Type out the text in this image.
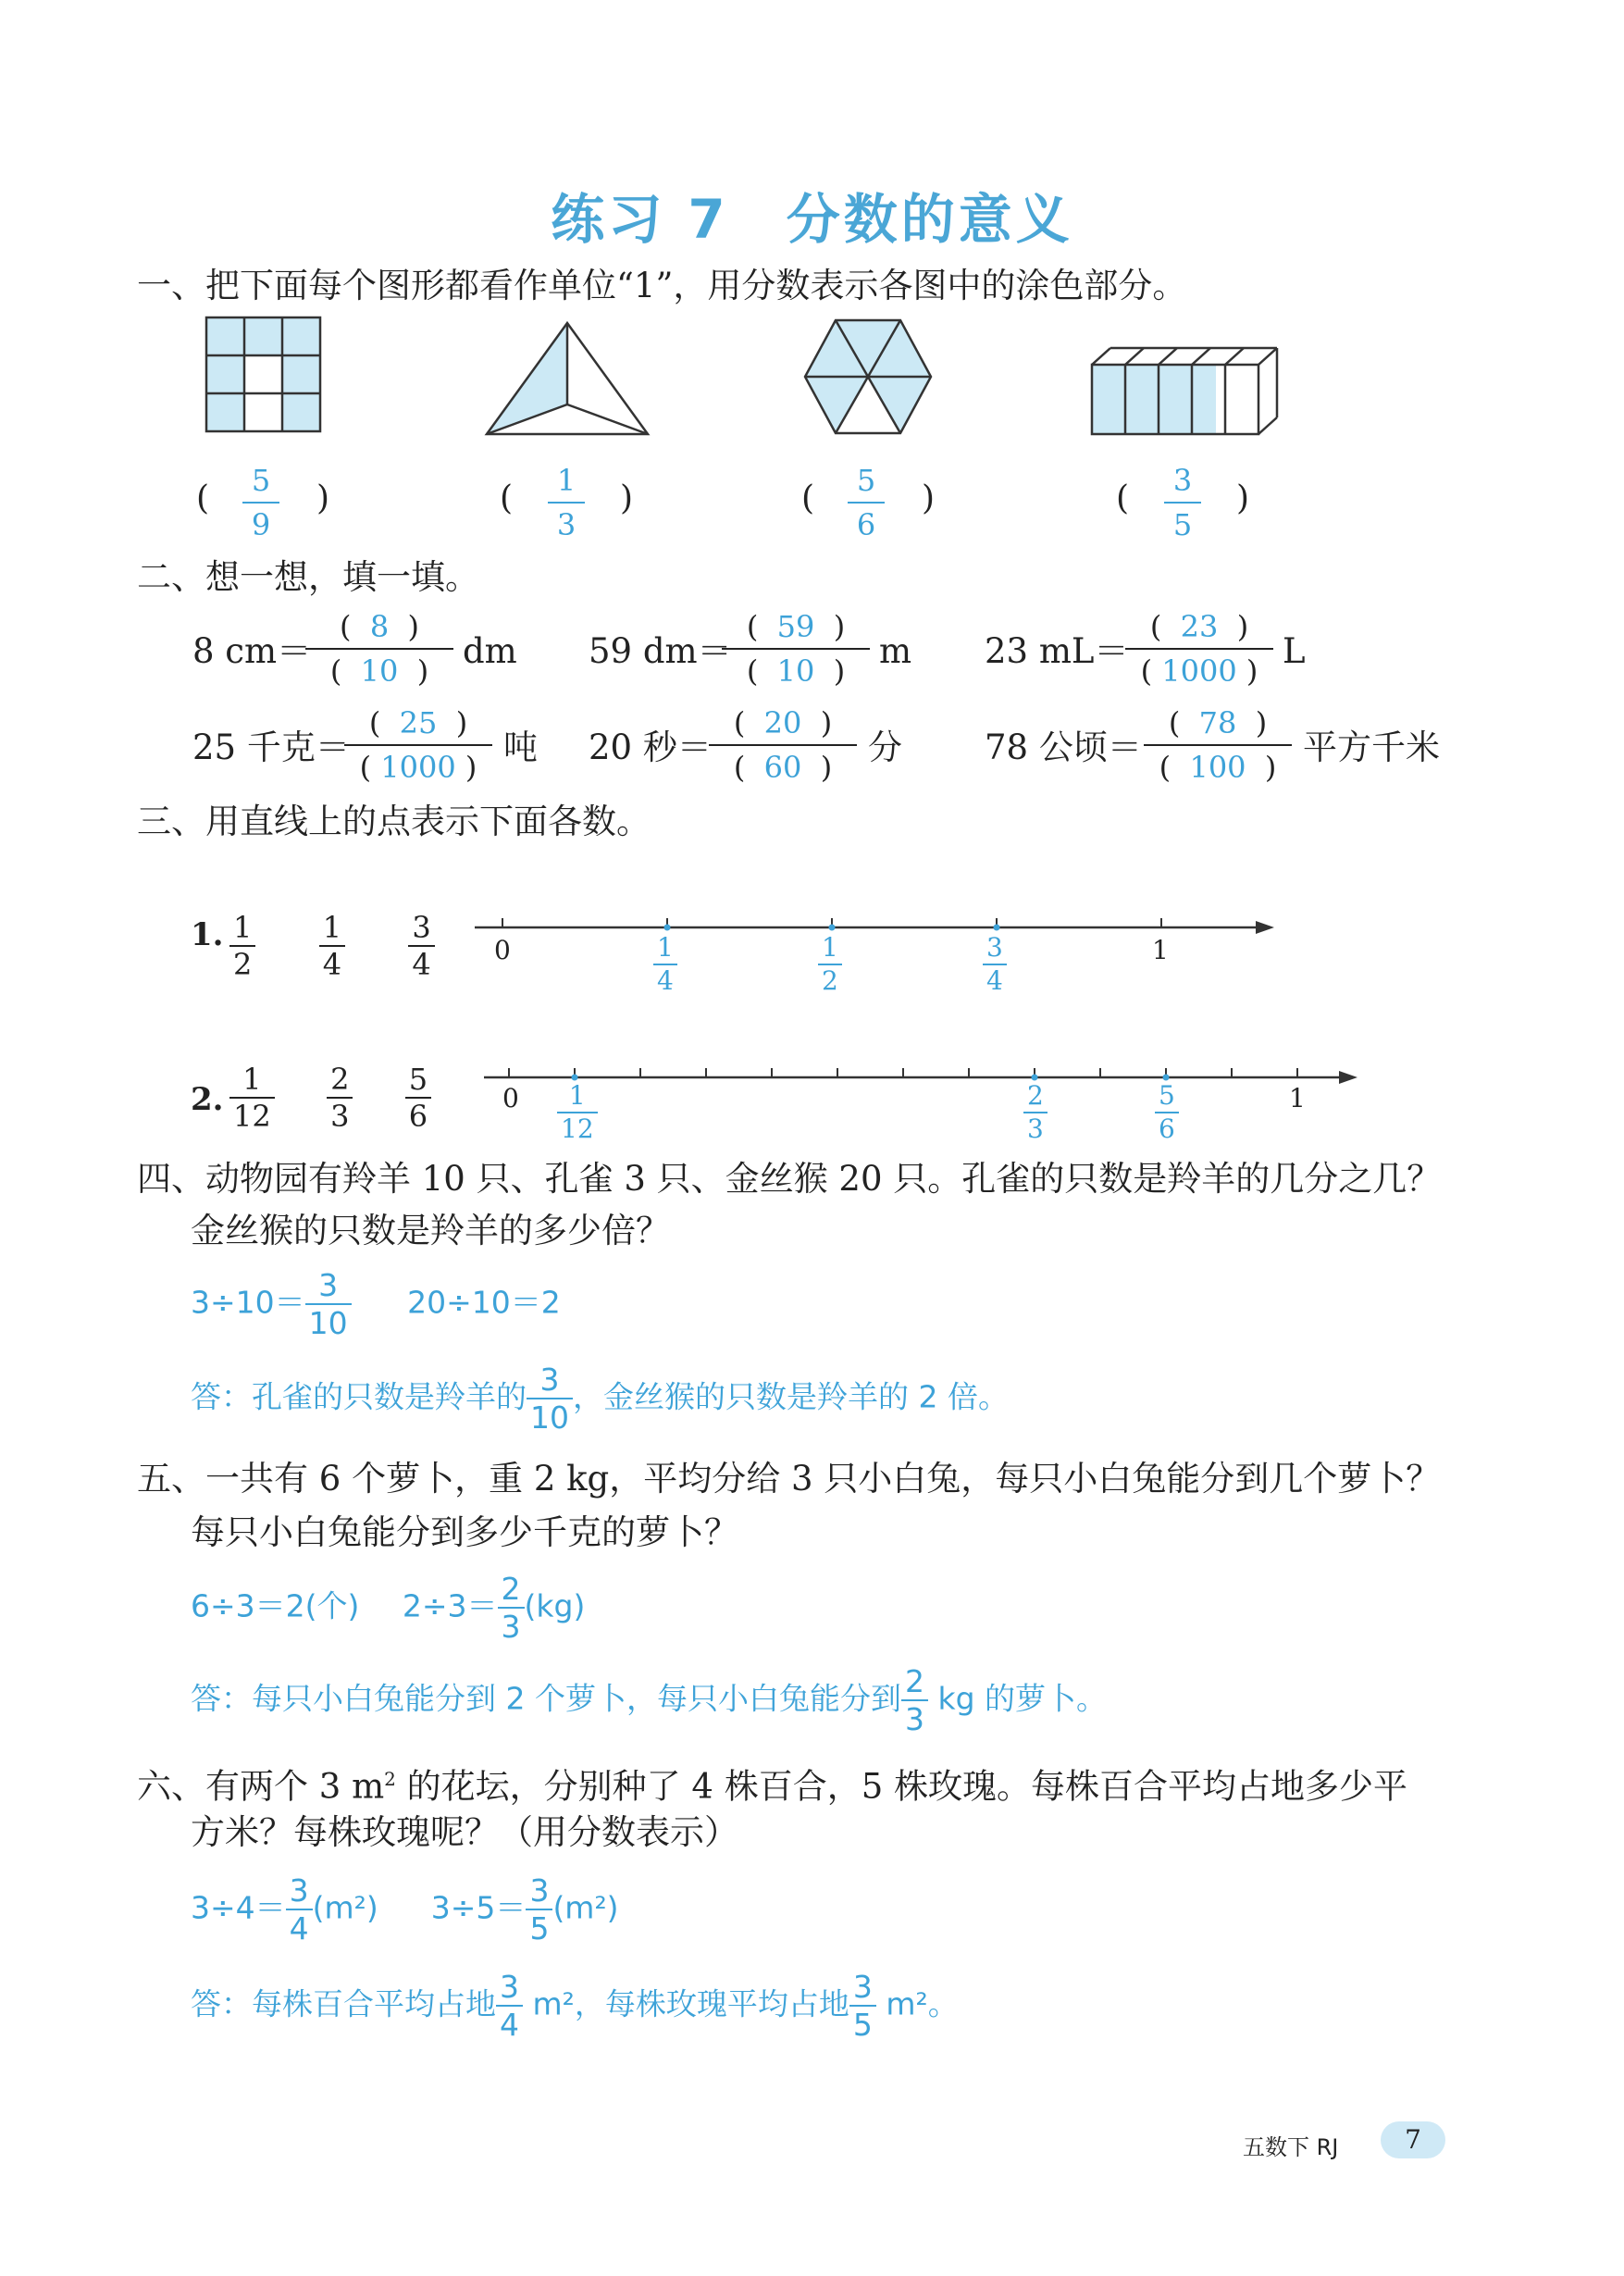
练习 7　分数的意义
一、把下面每个图形都看作单位“1”，用分数表示各图中的涂色部分。
(	5
9
)	(	1
3
)	(	5
6
)	(	3
5
)
二、想一想，填一填。
8 cm＝
( 8 )
( 10 ) dm 59 dm＝
( 59 )
( 10 ) m 23 mL＝
( 23 )
( 1000 ) L
25 千克＝
( 25 )
( 1000 ) 吨 20 秒＝
( 20 )
( 60 )	分 78 公顷＝
( 78 )
( 100 ) 平方千米
三、用直线上的点表示下面各数。
1. $\frac{1}{2}$
$\frac{1}{4}$
$\frac{3}{4} 0$	1
$\frac{1}{4}$	$\frac{1}{2}$	$\frac{3}{4}$
2. $\frac{1}{12}$
$\frac{2}{3}$
$\frac{5}{6}$	0	1
$\frac{1}{12}$	$\frac{2}{3}$	$\frac{5}{6}$
四、动物园有羚羊 10 只、孔雀 3 只、金丝猴 20 只。孔雀的只数是羚羊的几分之几？
金丝猴的只数是羚羊的多少倍？
$3\div 10= \frac{3}{10} 20\div 10=2$
答：孔雀的只数是羚羊的 $\frac{3}{10}$ ，金丝猴的只数是羚羊的 2 倍。
五、一共有 6 个萝卜，重 2 kg，平均分给 3 只小白兔，每只小白兔能分到几个萝卜？
每只小白兔能分到多少千克的萝卜？
6÷3＝2(个) $2\div 3= \frac{2}{3} (kg)$
答：每只小白兔能分到 2 个萝卜，每只小白兔能分到 $\frac{2}{3}$ kg 的萝卜。
六、有两个 3 $m^2$ 的花坛，分别种了 4 株百合，5 株玫瑰。每株百合平均占地多少平
方米？每株玫瑰呢？（用分数表示）
$3\div 4= \frac{3}{4} (m^2)$ $3\div 5= \frac{3}{5} (m^2)$
答：每株百合平均占地 $\frac{3}{4} m^2$，每株玫瑰平均占地 $\frac{3}{5} m^2$。
五数下 RJ	7
